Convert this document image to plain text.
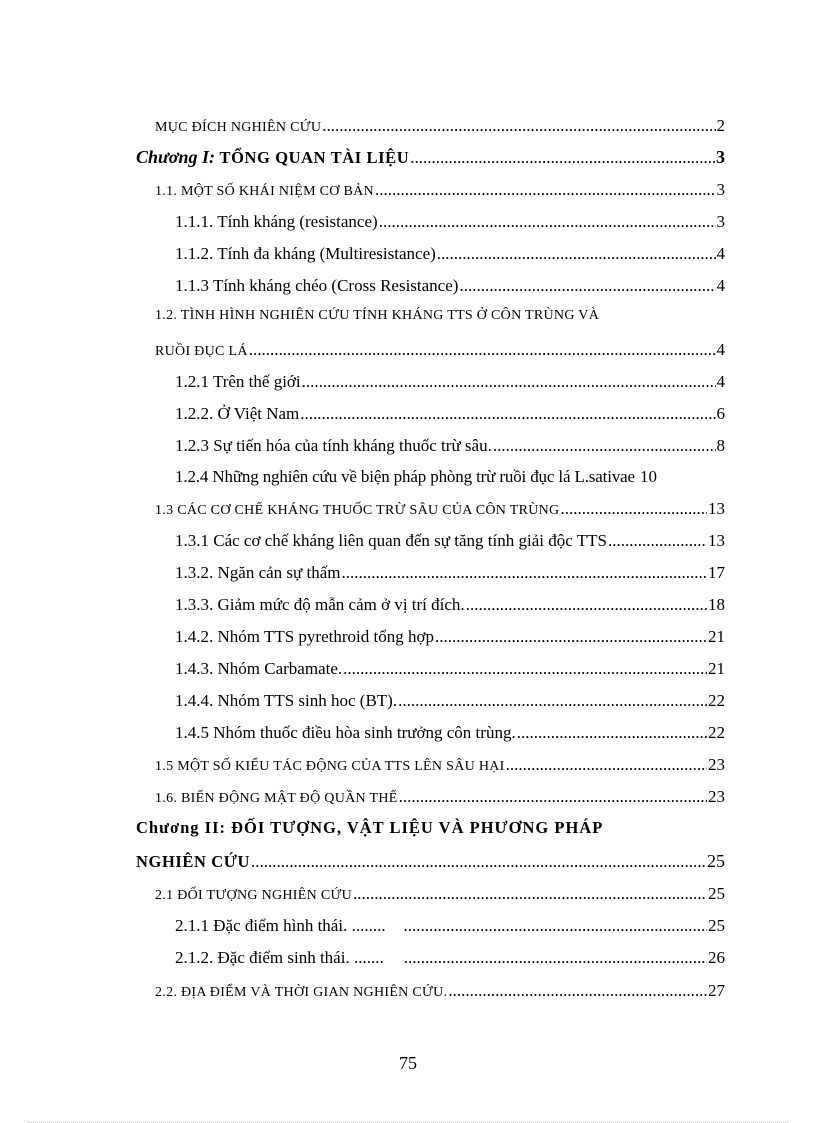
MỤC ĐÍCH NGHIÊN CỨU .....	2
Chương I: TỔNG QUAN TÀI LIỆU .....	3
1.1. MỘT SỐ KHÁI NIỆM CƠ BẢN .....	3
1.1.1. Tính kháng (resistance) .....	3
1.1.2. Tính đa kháng (Multiresistance) .....	4
1.1.3 Tính kháng chéo (Cross Resistance) .....	4
1.2. TÌNH HÌNH NGHIÊN CỨU TÍNH KHÁNG TTS Ở CÔN TRÙNG VÀ
RUỒI ĐỤC LÁ .....	4
1.2.1 Trên thế giới .....	4
1.2.2. Ở Việt Nam .....	6
1.2.3 Sự tiến hóa của tính kháng thuốc trừ sâu. .....	8
1.2.4 Những nghiên cứu về biện pháp phòng trừ ruồi đục lá L.sativae 10
1.3 CÁC CƠ CHẾ KHÁNG THUỐC TRỪ SÂU CỦA CÔN TRÙNG .....	13
1.3.1 Các cơ chế kháng liên quan đến sự tăng tính giải độc TTS .....	13
1.3.2. Ngăn cản sự thấm .....	17
1.3.3. Giảm mức độ mẫn cảm ở vị trí đích. .....	18
1.4.2. Nhóm TTS pyrethroid tổng hợp .....	21
1.4.3. Nhóm Carbamate. .....	21
1.4.4. Nhóm TTS sinh hoc (BT). .....	22
1.4.5 Nhóm thuốc điều hòa sinh trưởng côn trùng. .....	22
1.5 MỘT SỐ KIỂU TÁC ĐỘNG CỦA TTS LÊN SÂU HẠI .....	23
1.6. BIẾN ĐỘNG MẬT ĐỘ QUẦN THỂ .....	23
Chương II: ĐỐI TƯỢNG, VẬT LIỆU VÀ PHƯƠNG PHÁP
NGHIÊN CỨU .....	25
2.1 ĐỐI TƯỢNG NGHIÊN CỨU .....	25
2.1.1 Đặc điểm hình thái. ........ .....	25
2.1.2. Đặc điểm sinh thái. ....... .....	26
2.2. ĐỊA ĐIỂM VÀ THỜI GIAN NGHIÊN CỨU. .....	27
75
